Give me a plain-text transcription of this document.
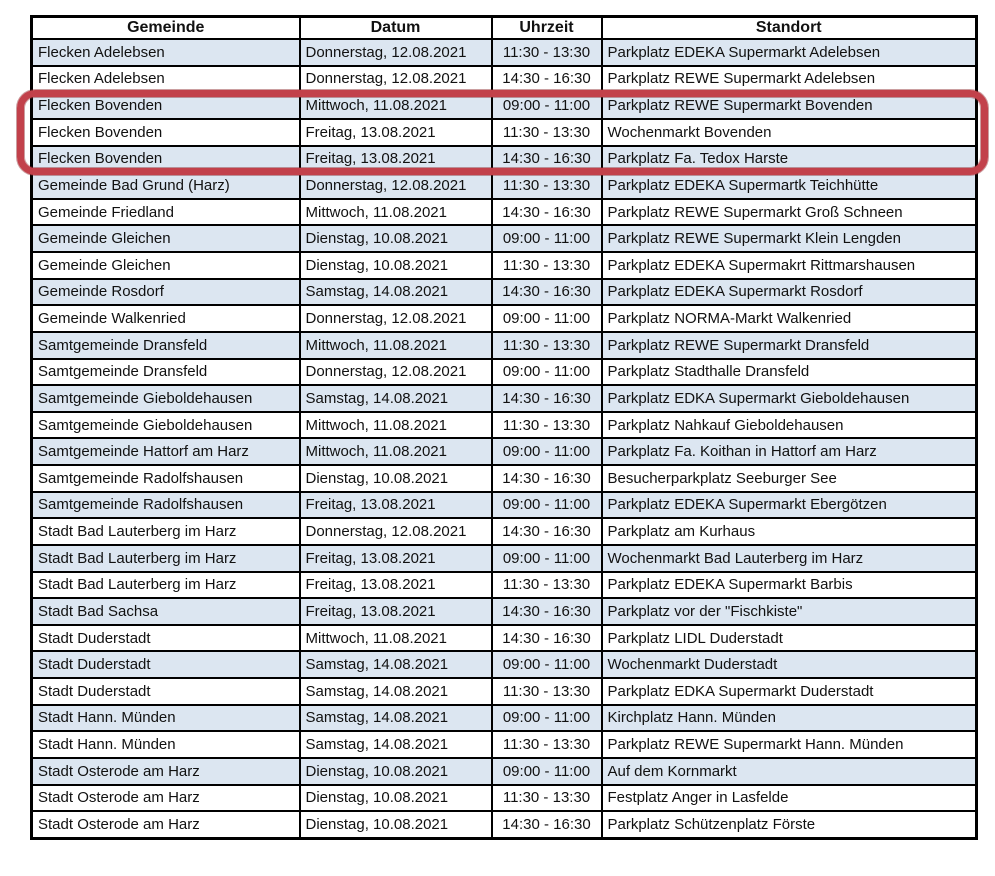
Gemeinde	Datum	Uhrzeit	Standort
Flecken Adelebsen	Donnerstag, 12.08.2021	11:30 - 13:30	Parkplatz EDEKA Supermarkt Adelebsen
Flecken Adelebsen	Donnerstag, 12.08.2021	14:30 - 16:30	Parkplatz REWE Supermarkt Adelebsen
Flecken Bovenden	Mittwoch, 11.08.2021	09:00 - 11:00	Parkplatz REWE Supermarkt Bovenden
Flecken Bovenden	Freitag, 13.08.2021	11:30 - 13:30	Wochenmarkt Bovenden
Flecken Bovenden	Freitag, 13.08.2021	14:30 - 16:30	Parkplatz Fa. Tedox Harste
Gemeinde Bad Grund (Harz)	Donnerstag, 12.08.2021	11:30 - 13:30	Parkplatz EDEKA Supermartk Teichhütte
Gemeinde Friedland	Mittwoch, 11.08.2021	14:30 - 16:30	Parkplatz REWE Supermarkt Groß Schneen
Gemeinde Gleichen	Dienstag, 10.08.2021	09:00 - 11:00	Parkplatz REWE Supermarkt Klein Lengden
Gemeinde Gleichen	Dienstag, 10.08.2021	11:30 - 13:30	Parkplatz EDEKA Supermakrt Rittmarshausen
Gemeinde Rosdorf	Samstag, 14.08.2021	14:30 - 16:30	Parkplatz EDEKA Supermarkt Rosdorf
Gemeinde Walkenried	Donnerstag, 12.08.2021	09:00 - 11:00	Parkplatz NORMA-Markt Walkenried
Samtgemeinde Dransfeld	Mittwoch, 11.08.2021	11:30 - 13:30	Parkplatz REWE Supermarkt Dransfeld
Samtgemeinde Dransfeld	Donnerstag, 12.08.2021	09:00 - 11:00	Parkplatz Stadthalle Dransfeld
Samtgemeinde Gieboldehausen	Samstag, 14.08.2021	14:30 - 16:30	Parkplatz EDKA Supermarkt Gieboldehausen
Samtgemeinde Gieboldehausen	Mittwoch, 11.08.2021	11:30 - 13:30	Parkplatz Nahkauf Gieboldehausen
Samtgemeinde Hattorf am Harz	Mittwoch, 11.08.2021	09:00 - 11:00	Parkplatz Fa. Koithan in Hattorf am Harz
Samtgemeinde Radolfshausen	Dienstag, 10.08.2021	14:30 - 16:30	Besucherparkplatz Seeburger See
Samtgemeinde Radolfshausen	Freitag, 13.08.2021	09:00 - 11:00	Parkplatz EDEKA Supermarkt Ebergötzen
Stadt Bad Lauterberg im Harz	Donnerstag, 12.08.2021	14:30 - 16:30	Parkplatz am Kurhaus
Stadt Bad Lauterberg im Harz	Freitag, 13.08.2021	09:00 - 11:00	Wochenmarkt Bad Lauterberg im Harz
Stadt Bad Lauterberg im Harz	Freitag, 13.08.2021	11:30 - 13:30	Parkplatz EDEKA Supermarkt Barbis
Stadt Bad Sachsa	Freitag, 13.08.2021	14:30 - 16:30	Parkplatz vor der "Fischkiste"
Stadt Duderstadt	Mittwoch, 11.08.2021	14:30 - 16:30	Parkplatz LIDL Duderstadt
Stadt Duderstadt	Samstag, 14.08.2021	09:00 - 11:00	Wochenmarkt Duderstadt
Stadt Duderstadt	Samstag, 14.08.2021	11:30 - 13:30	Parkplatz EDKA Supermarkt Duderstadt
Stadt Hann. Münden	Samstag, 14.08.2021	09:00 - 11:00	Kirchplatz Hann. Münden
Stadt Hann. Münden	Samstag, 14.08.2021	11:30 - 13:30	Parkplatz REWE Supermarkt Hann. Münden
Stadt Osterode am Harz	Dienstag, 10.08.2021	09:00 - 11:00	Auf dem Kornmarkt
Stadt Osterode am Harz	Dienstag, 10.08.2021	11:30 - 13:30	Festplatz Anger in Lasfelde
Stadt Osterode am Harz	Dienstag, 10.08.2021	14:30 - 16:30	Parkplatz Schützenplatz Förste
